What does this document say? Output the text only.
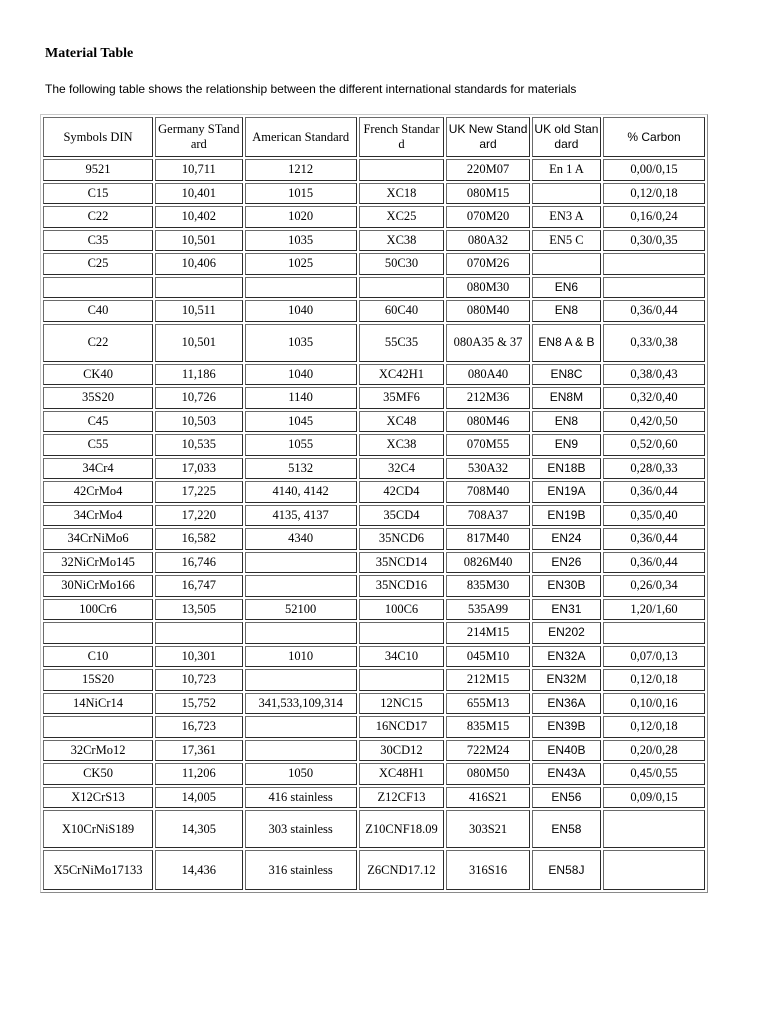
Material Table
The following table shows the relationship between the different international standards for materials
Symbols DIN	Germany STandard	American Standard	French Standard	UK New Standard	UK old Standard	% Carbon
9521	10,711	1212		220M07	En 1 A	0,00/0,15
C15	10,401	1015	XC18	080M15		0,12/0,18
C22	10,402	1020	XC25	070M20	EN3 A	0,16/0,24
C35	10,501	1035	XC38	080A32	EN5 C	0,30/0,35
C25	10,406	1025	50C30	070M26		
				080M30	EN6	
C40	10,511	1040	60C40	080M40	EN8	0,36/0,44
C22	10,501	1035	55C35	080A35 & 37	EN8 A & B	0,33/0,38
CK40	11,186	1040	XC42H1	080A40	EN8C	0,38/0,43
35S20	10,726	1140	35MF6	212M36	EN8M	0,32/0,40
C45	10,503	1045	XC48	080M46	EN8	0,42/0,50
C55	10,535	1055	XC38	070M55	EN9	0,52/0,60
34Cr4	17,033	5132	32C4	530A32	EN18B	0,28/0,33
42CrMo4	17,225	4140, 4142	42CD4	708M40	EN19A	0,36/0,44
34CrMo4	17,220	4135, 4137	35CD4	708A37	EN19B	0,35/0,40
34CrNiMo6	16,582	4340	35NCD6	817M40	EN24	0,36/0,44
32NiCrMo145	16,746		35NCD14	0826M40	EN26	0,36/0,44
30NiCrMo166	16,747		35NCD16	835M30	EN30B	0,26/0,34
100Cr6	13,505	52100	100C6	535A99	EN31	1,20/1,60
				214M15	EN202	
C10	10,301	1010	34C10	045M10	EN32A	0,07/0,13
15S20	10,723			212M15	EN32M	0,12/0,18
14NiCr14	15,752	341,533,109,314	12NC15	655M13	EN36A	0,10/0,16
	16,723		16NCD17	835M15	EN39B	0,12/0,18
32CrMo12	17,361		30CD12	722M24	EN40B	0,20/0,28
CK50	11,206	1050	XC48H1	080M50	EN43A	0,45/0,55
X12CrS13	14,005	416 stainless	Z12CF13	416S21	EN56	0,09/0,15
X10CrNiS189	14,305	303 stainless	Z10CNF18.09	303S21	EN58	
X5CrNiMo17133	14,436	316 stainless	Z6CND17.12	316S16	EN58J	
